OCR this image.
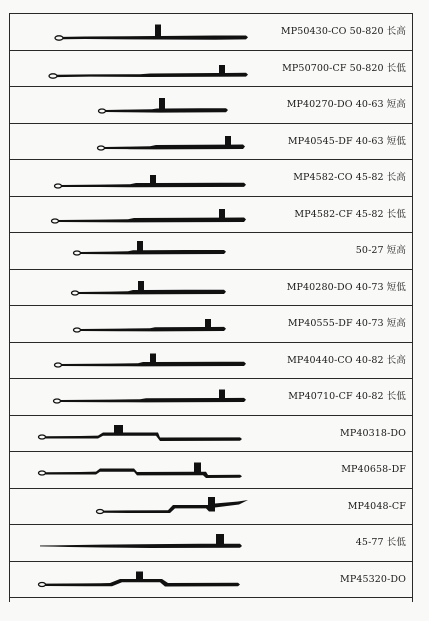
MP50430-CO 50-820 长高
MP50700-CF 50-820 长低
MP40270-DO 40-63 短高
MP40545-DF 40-63 短低
MP4582-CO 45-82 长高
MP4582-CF 45-82 长低
50-27 短高
MP40280-DO 40-73 短低
MP40555-DF 40-73 短高
MP40440-CO 40-82 长高
MP40710-CF 40-82 长低
MP40318-DO
MP40658-DF
MP4048-CF
45-77 长低
MP45320-DO
